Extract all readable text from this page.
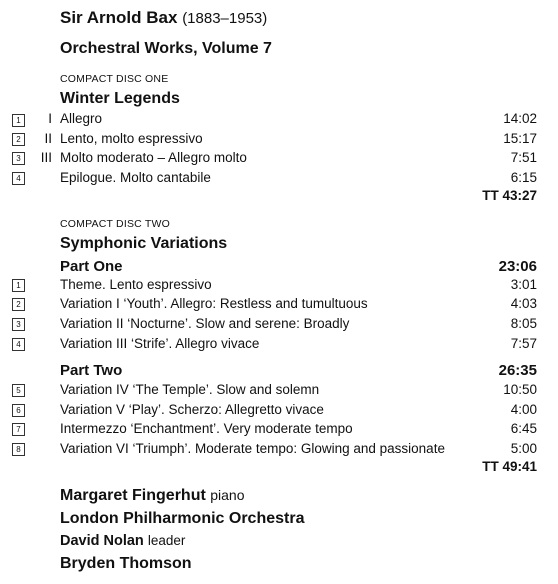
Sir Arnold Bax (1883–1953)
Orchestral Works, Volume 7
COMPACT DISC ONE
Winter Legends
1	I Allegro	14:02
2	II Lento, molto espressivo	15:17
3	III Molto moderato – Allegro molto	7:51
4	Epilogue. Molto cantabile	6:15
TT 43:27
COMPACT DISC TWO
Symphonic Variations
Part One	23:06
1	Theme. Lento espressivo	3:01
2	Variation I ‘Youth’. Allegro: Restless and tumultuous	4:03
3	Variation II ‘Nocturne’. Slow and serene: Broadly	8:05
4	Variation III ‘Strife’. Allegro vivace	7:57
Part Two	26:35
5	Variation IV ‘The Temple’. Slow and solemn	10:50
6	Variation V ‘Play’. Scherzo: Allegretto vivace	4:00
7	Intermezzo ‘Enchantment’. Very moderate tempo	6:45
8	Variation VI ‘Triumph’. Moderate tempo: Glowing and passionate	5:00
TT 49:41
Margaret Fingerhut piano
London Philharmonic Orchestra
David Nolan leader
Bryden Thomson
